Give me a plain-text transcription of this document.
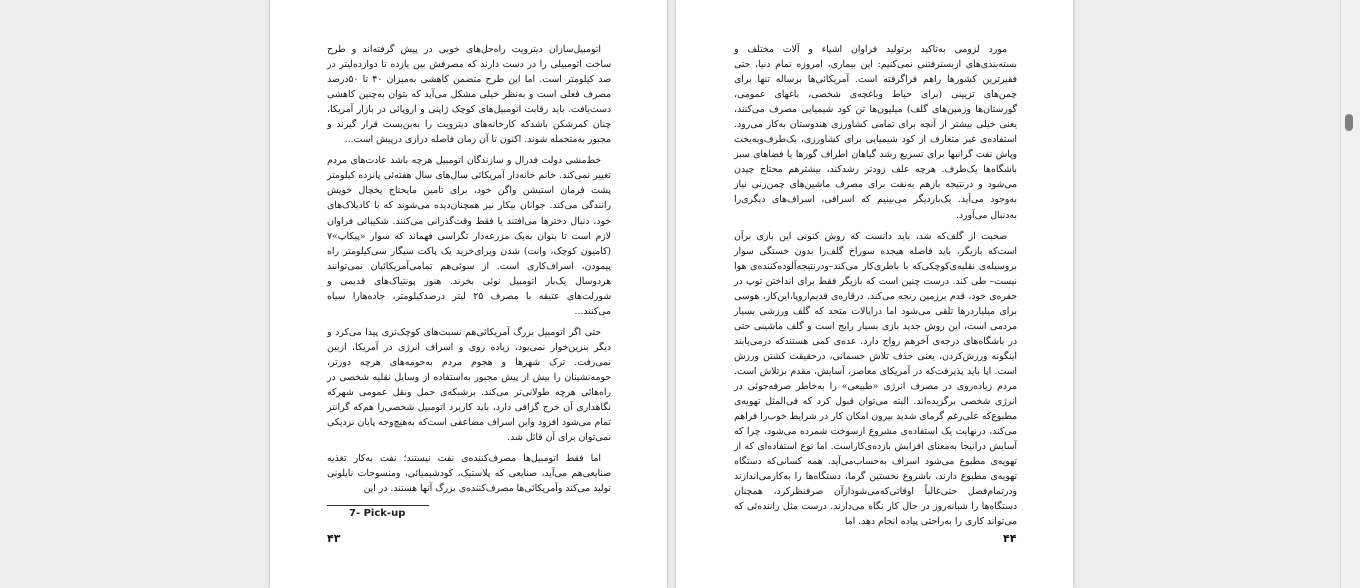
اتومبیل‌سازان دیترویت راه‌حل‌های خوبی در پیش گرفته‌اند و طرح ساخت اتومبیلی را در دست دارند که مصرفش بین یازده تا دوازده‌لیتر در صد کیلومتر است. اما این طرح متضمن کاهشی به‌میزان ۴۰ تا ۵۰درصد مصرف فعلی است و به‌نظر خیلی مشکل می‌آید که بتوان به‌چنین کاهشی دست‌یافت. باید رقابت اتومبیل‌های کوچک ژاپنی و اروپائی در بازار آمریکا، چنان کمرشکن باشدکه کارخانه‌های دیترویت را به‌بن‌بست قرار گیرند و مجبور به‌متحمله شوند. اکنون تا آن زمان فاصله درازی درپیش است...

خط‌مشی دولت فدرال و سازندگان اتومبیل هرچه باشد عادت‌های مردم تغییر نمی‌کند. خانم خانه‌دار آمریکائی سال‌های سال هفته‌ئی پانزده کیلومتر پشت فرمان استیشن واگن خود، برای تامین مایحتاج یخچال خویش رانندگی می‌کند. جوانان بیکار نیز همچنان‌دیده می‌شوند که با کادیلاک‌های خود، دنبال دخترها می‌افتند یا فقط وقت‌گذرانی می‌کنند. شکیبائی فراوان لازم است تا بتوان به‌یک مزرعه‌دار تگزاسی فهماند که سوار «پیکاپ»۷ (کامیون کوچک، وانت) شدن ویرای‌خرید یک پاکت سیگار سی‌کیلومتر راه پیمودن، اسراف‌کاری است. از سوئی‌هم تمامی‌آمریکائیان نمی‌توانند هردوسال یک‌بار اتومبیل نوئی بخرند. هنوز پونتیاک‌های قدیمی و شورلت‌های عتیقه با مصرف ۲۵ لیتر درصدکیلومتر، جاده‌ها‌را سیاه می‌کنند...

حتی اگر اتومبیل بزرگ آمریکائی‌هم نسبت‌های کوچک‌تری پیدا می‌کرد و دیگر بنزین‌خوار نمی‌بود، زیاده روی و اسراف انرژی در آمریکا، ازبین نمی‌رفت. ترک شهرها و هجوم مردم به‌حومه‌های هرچه دورتر، حومه‌نشینان را بیش از پیش مجبور به‌استفاده از وسایل نقلیه شخصی در راه‌هائی هرچه طولانی‌تر می‌کند. برشبکه‌ی حمل ونقل عمومی شهرکه نگاهداری آن خرج گزافی دارد، باید کاربرد اتومبیل شخصی‌را هم‌که گرانتر تمام می‌شود افزود واین اسراف مضاعفی است‌که به‌هیچ‌وجه پایان نزدیکی نمی‌توان برای آن قائل شد.

اما فقط اتومبیل‌ها مصرف‌کننده‌ی نفت نیستند؛ نفت به‌کار تغذیه صنایعی‌هم می‌آید، صنایعی که پلاستیک، کودشیمیائی، ومنسوجات نایلونی تولید می‌کند وآمریکائی‌ها مصرف‌کننده‌ی بزرگ آنها هستند. در این

7- Pick-up
۴۳

مورد لزومی به‌تاکید برتولید فراوان اشیاء و آلات مختلف و بسته‌بندی‌های ازبسترفتنی نمی‌کنیم: این بیماری، امروزه تمام دنیا، حتی فقیرترین کشورها راهم فراگرفته است. آمریکائی‌ها برساله تنها برای چمن‌های تزیینی (برای حیاط وباغچه‌ی شخصی، باغهای عمومی، گورستان‌ها وزمین‌های گلف) میلیون‌ها تن کود شیمیایی مصرف می‌کنند، یعنی خیلی بیشتر از آنچه برای تمامی کشاورزی هندوستان به‌کار می‌رود. استفاده‌ی غیر متعارف از کود شیمیایی برای کشاورزی، یک‌طرف‌وبه‌یخت وپاش نفت گرانبها برای تسریع رشد گیاهان اطراف گورها یا فضاهای سبز باشگاه‌ها یک‌طرف. هرچه علف زودتر رشدکند، بیشترهم محتاج چیدن می‌شود و درنتیجه بازهم به‌نفت برای مصرف ماشین‌های چمن‌زنی نیاز به‌وجود می‌آید. یک‌باردیگر می‌بینیم که اسرافی، اسراف‌های دیگری‌را به‌دنبال می‌آورد.

صحبت از گلف‌که شد، باید دانست که روش کنونی این بازی برآن است‌که بازیگر، باید فاصله هیجده سوراخ گلف‌را بدون خستگی سوار بروسیله‌ی نقلیه‌ی‌کوچکی‌که با باطری‌کار می‌کند–ودرنتیجه‌آلوده‌کننده‌ی هوا نیست– طی کند. درست چنین است که بازیگر فقط برای انداختن توپ در حفره‌ی خود، قدم برزمین رنجه می‌کند. درقاره‌ی قدیم‌اروپا،این‌کار، هوسی برای میلیاردرها تلقی می‌شود اما درایالات متحد که گلف ورزشی بسیار مردمی است، این روش جدید بازی بسیار رایج است و گلف ماشینی حتی در باشگاه‌های درجه‌ی آخرهم رواج دارد. عده‌ی کمی هستندکه درمی‌یابند اینگونه ورزش‌کردن، یعنی حذف تلاش جسمانی، درحقیقت کشتن ورزش است. اپا باید پذیرفت‌که در آمریکای معاصر، آسایش، مقدم برتلاش است. مردم زیاده‌روی در مصرف انرژی «طبیعی» را به‌خاطر صرفه‌جوئی در انرژی شخصی برگزیده‌اند. البته می‌توان قبول کرد که فی‌المثل تهویه‌ی مطبوع‌که علی‌رغم گرمای شدید بیرون امکان کار در شرایط خوب‌را فراهم می‌کند، درنهایت یک استفاده‌ی مشروع ازسوخت شمرده می‌شود، چرا که آسایش درانیجا به‌معنای افزایش بازده‌ی‌کاراست. اما نوع استفاده‌ای که از تهویه‌ی مطبوع می‌شود اسراف به‌حساب‌می‌آید. همه کسانی‌که دستگاه تهویه‌ی مطبوع دارند، باشروع نخستین گرما، دستگاه‌ها را به‌کارمی‌اندازند ودرتمام‌فصل حتی‌غالباً اوقاتی‌که‌می‌شود‌ازآن صرفنظرکرد، همچنان دستگاه‌ها را شبانه‌روز در حال کار نگاه می‌دارند. درست مثل راننده‌ئی که می‌تواند کاری را به‌راحتی پیاده انجام دهد. اما

۴۴
